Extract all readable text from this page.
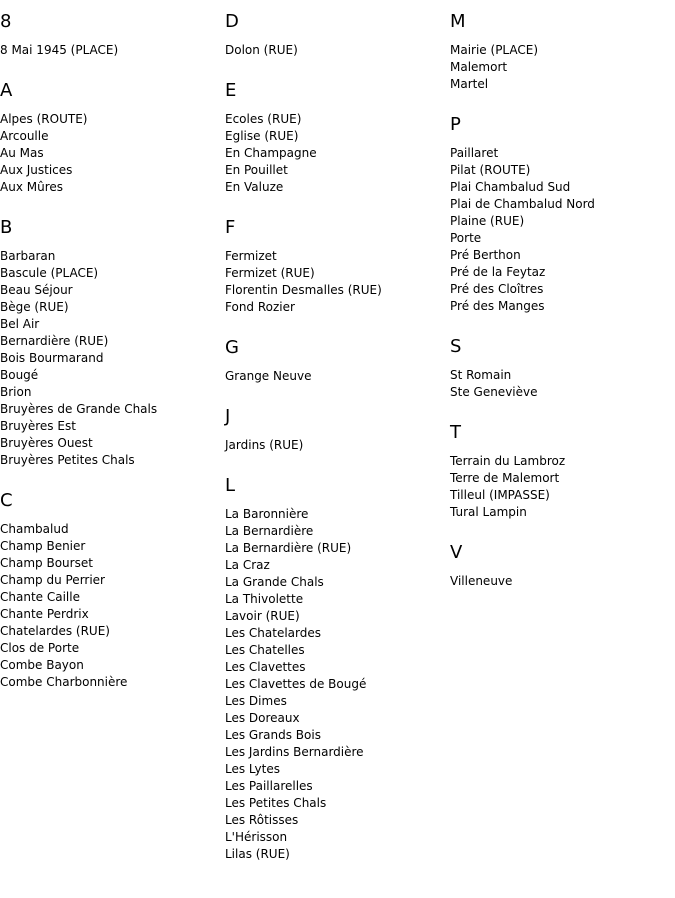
8
8 Mai 1945 (PLACE)
A
Alpes (ROUTE)
Arcoulle
Au Mas
Aux Justices
Aux Mûres
B
Barbaran
Bascule (PLACE)
Beau Séjour
Bège (RUE)
Bel Air
Bernardière (RUE)
Bois Bourmarand
Bougé
Brion
Bruyères de Grande Chals
Bruyères Est
Bruyères Ouest
Bruyères Petites Chals
C
Chambalud
Champ Benier
Champ Bourset
Champ du Perrier
Chante Caille
Chante Perdrix
Chatelardes (RUE)
Clos de Porte
Combe Bayon
Combe Charbonnière
D
Dolon (RUE)
E
Ecoles (RUE)
Eglise (RUE)
En Champagne
En Pouillet
En Valuze
F
Fermizet
Fermizet (RUE)
Florentin Desmalles (RUE)
Fond Rozier
G
Grange Neuve
J
Jardins (RUE)
L
La Baronnière
La Bernardière
La Bernardière (RUE)
La Craz
La Grande Chals
La Thivolette
Lavoir (RUE)
Les Chatelardes
Les Chatelles
Les Clavettes
Les Clavettes de Bougé
Les Dimes
Les Doreaux
Les Grands Bois
Les Jardins Bernardière
Les Lytes
Les Paillarelles
Les Petites Chals
Les Rôtisses
L'Hérisson
Lilas (RUE)
M
Mairie (PLACE)
Malemort
Martel
P
Paillaret
Pilat (ROUTE)
Plai Chambalud Sud
Plai de Chambalud Nord
Plaine (RUE)
Porte
Pré Berthon
Pré de la Feytaz
Pré des Cloîtres
Pré des Manges
S
St Romain
Ste Geneviève
T
Terrain du Lambroz
Terre de Malemort
Tilleul (IMPASSE)
Tural Lampin
V
Villeneuve
